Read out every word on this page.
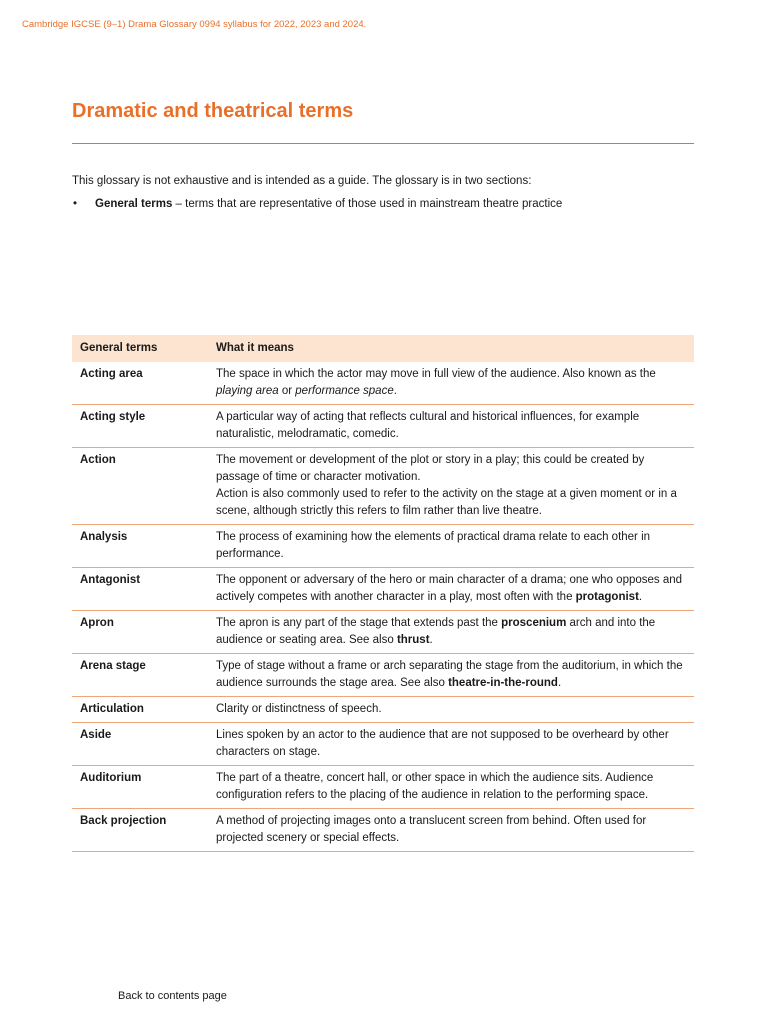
Cambridge IGCSE (9–1) Drama Glossary 0994 syllabus for 2022, 2023 and 2024.
Dramatic and theatrical terms
This glossary is not exhaustive and is intended as a guide. The glossary is in two sections:
• General terms – terms that are representative of those used in mainstream theatre practice
General terms	What it means
Acting area	The space in which the actor may move in full view of the audience. Also known as the playing area or performance space.

Acting style	A particular way of acting that reflects cultural and historical influences, for example naturalistic, melodramatic, comedic.

Action	The movement or development of the plot or story in a play; this could be created by passage of time or character motivation.

Action is also commonly used to refer to the activity on the stage at a given moment or in a scene, although strictly this refers to film rather than live theatre.

Analysis	The process of examining how the elements of practical drama relate to each other in performance.

Antagonist	The opponent or adversary of the hero or main character of a drama; one who opposes and actively competes with another character in a play, most often with the protagonist.

Apron	The apron is any part of the stage that extends past the proscenium arch and into the audience or seating area. See also thrust.

Arena stage	Type of stage without a frame or arch separating the stage from the auditorium, in which the audience surrounds the stage area. See also theatre-in-the-round.

Articulation	Clarity or distinctness of speech.

Aside	Lines spoken by an actor to the audience that are not supposed to be overheard by other characters on stage.

Auditorium	The part of a theatre, concert hall, or other space in which the audience sits. Audience configuration refers to the placing of the audience in relation to the performing space.

Back projection	A method of projecting images onto a translucent screen from behind. Often used for projected scenery or special effects.

Back to contents page
